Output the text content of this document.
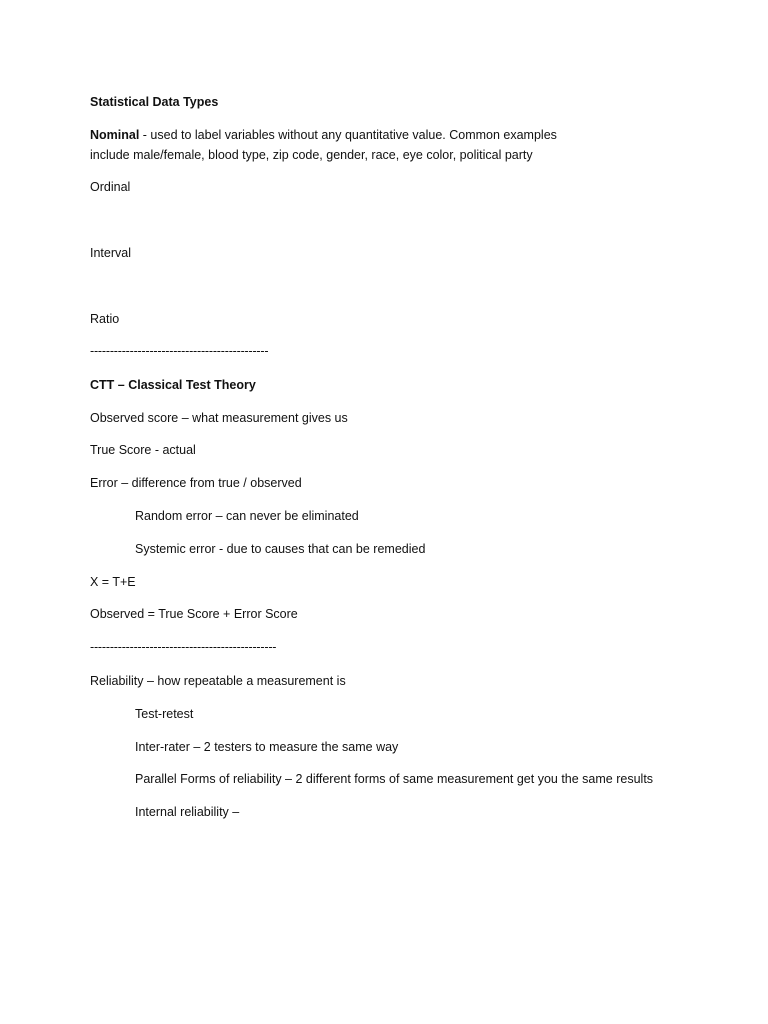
Statistical Data Types
Nominal - used to label variables without any quantitative value. Common examples
include male/female, blood type, zip code, gender, race, eye color, political party
Ordinal
Interval
Ratio
---------------------------------------------
CTT – Classical Test Theory
Observed score – what measurement gives us
True Score - actual
Error – difference from true / observed
Random error – can never be eliminated
Systemic error - due to causes that can be remedied
X = T+E
Observed = True Score + Error Score
-----------------------------------------------
Reliability – how repeatable a measurement is
Test-retest
Inter-rater – 2 testers to measure the same way
Parallel Forms of reliability – 2 different forms of same measurement get you the same results
Internal reliability –
